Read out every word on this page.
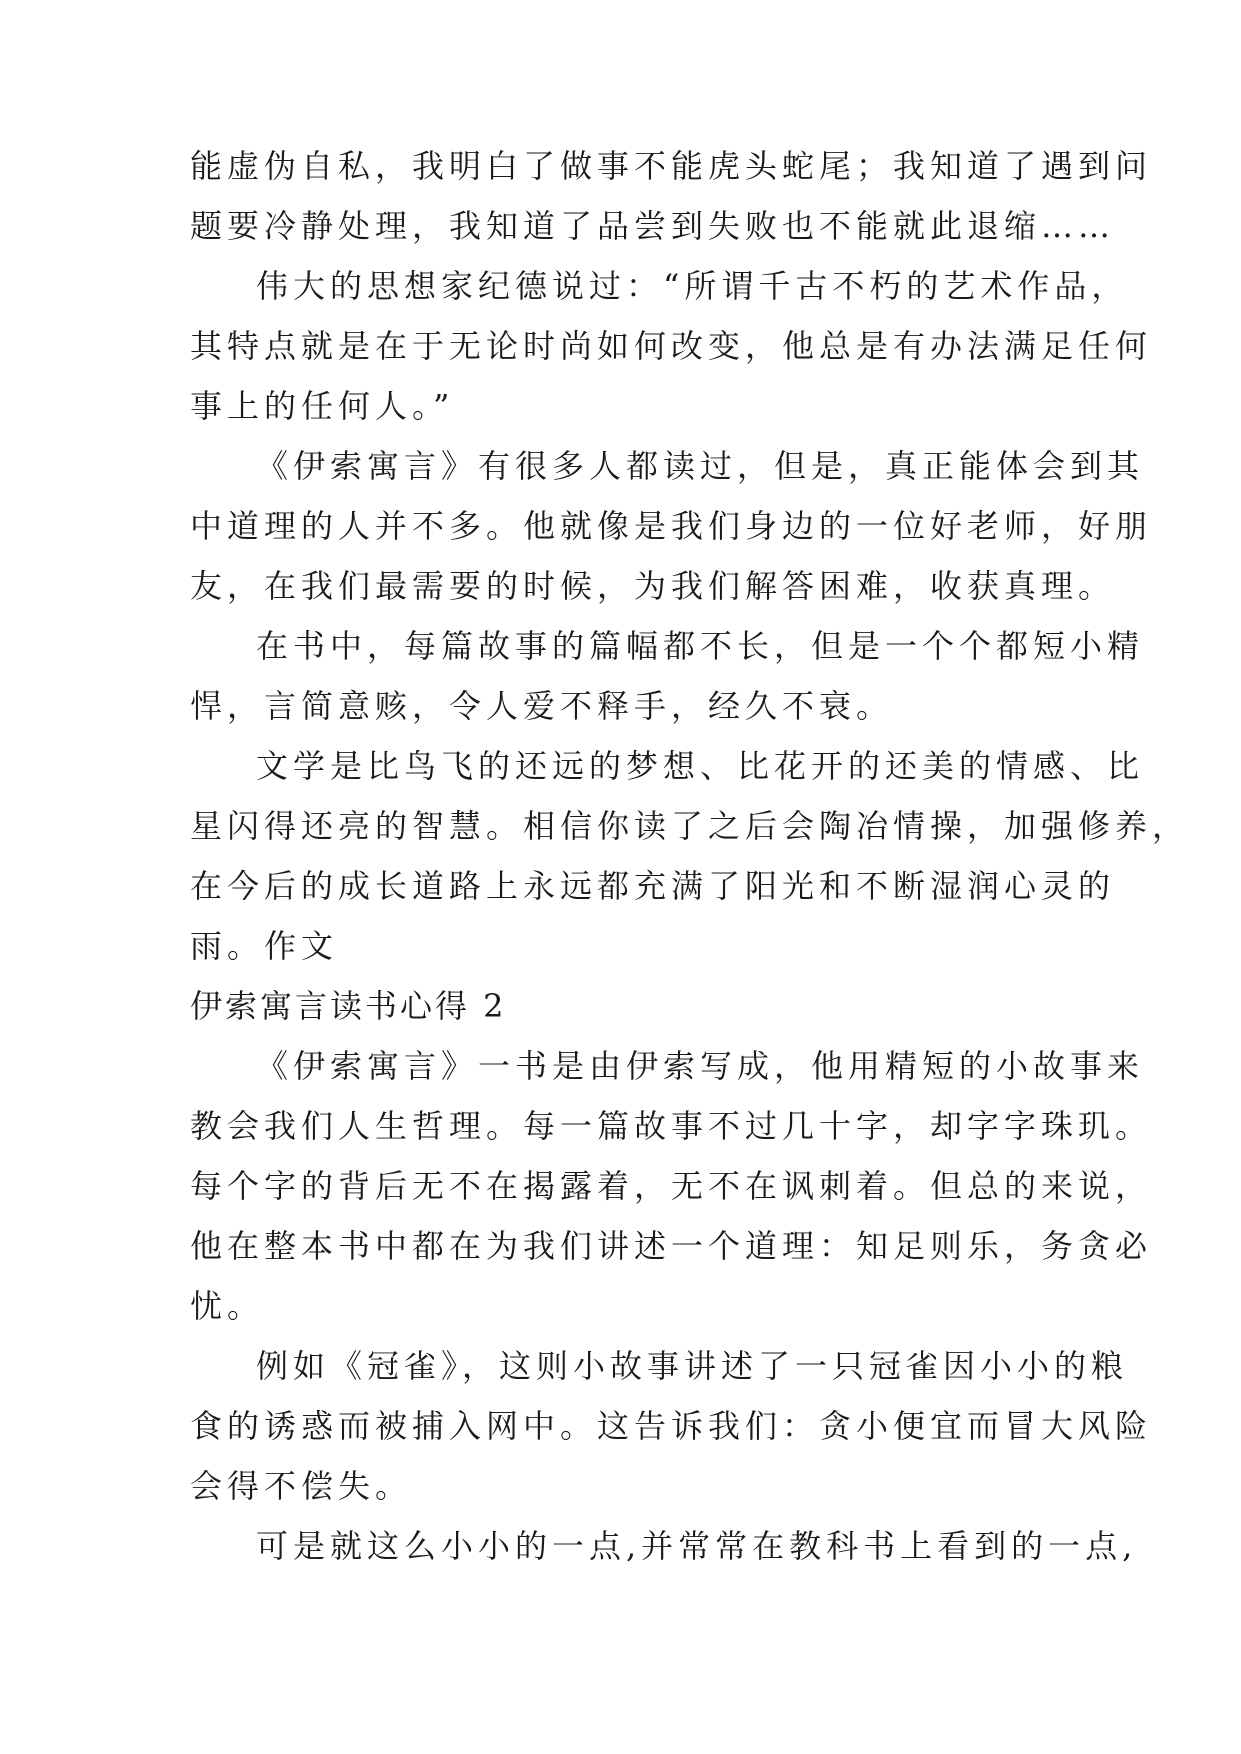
能虚伪自私，我明白了做事不能虎头蛇尾；我知道了遇到问
题要冷静处理，我知道了品尝到失败也不能就此退缩……
伟大的思想家纪德说过：“所谓千古不朽的艺术作品，
其特点就是在于无论时尚如何改变，他总是有办法满足任何
事上的任何人。”
《伊索寓言》有很多人都读过，但是，真正能体会到其
中道理的人并不多。他就像是我们身边的一位好老师，好朋
友，在我们最需要的时候，为我们解答困难，收获真理。
在书中，每篇故事的篇幅都不长，但是一个个都短小精
悍，言简意赅，令人爱不释手，经久不衰。
文学是比鸟飞的还远的梦想、比花开的还美的情感、比
星闪得还亮的智慧。相信你读了之后会陶冶情操，加强修养，
在今后的成长道路上永远都充满了阳光和不断湿润心灵的
雨。作文
伊索寓言读书心得 2
《伊索寓言》一书是由伊索写成，他用精短的小故事来
教会我们人生哲理。每一篇故事不过几十字，却字字珠玑。
每个字的背后无不在揭露着，无不在讽刺着。但总的来说，
他在整本书中都在为我们讲述一个道理：知足则乐，务贪必
忧。
例如《冠雀》，这则小故事讲述了一只冠雀因小小的粮
食的诱惑而被捕入网中。这告诉我们：贪小便宜而冒大风险
会得不偿失。
可是就这么小小的一点,并常常在教科书上看到的一点,
